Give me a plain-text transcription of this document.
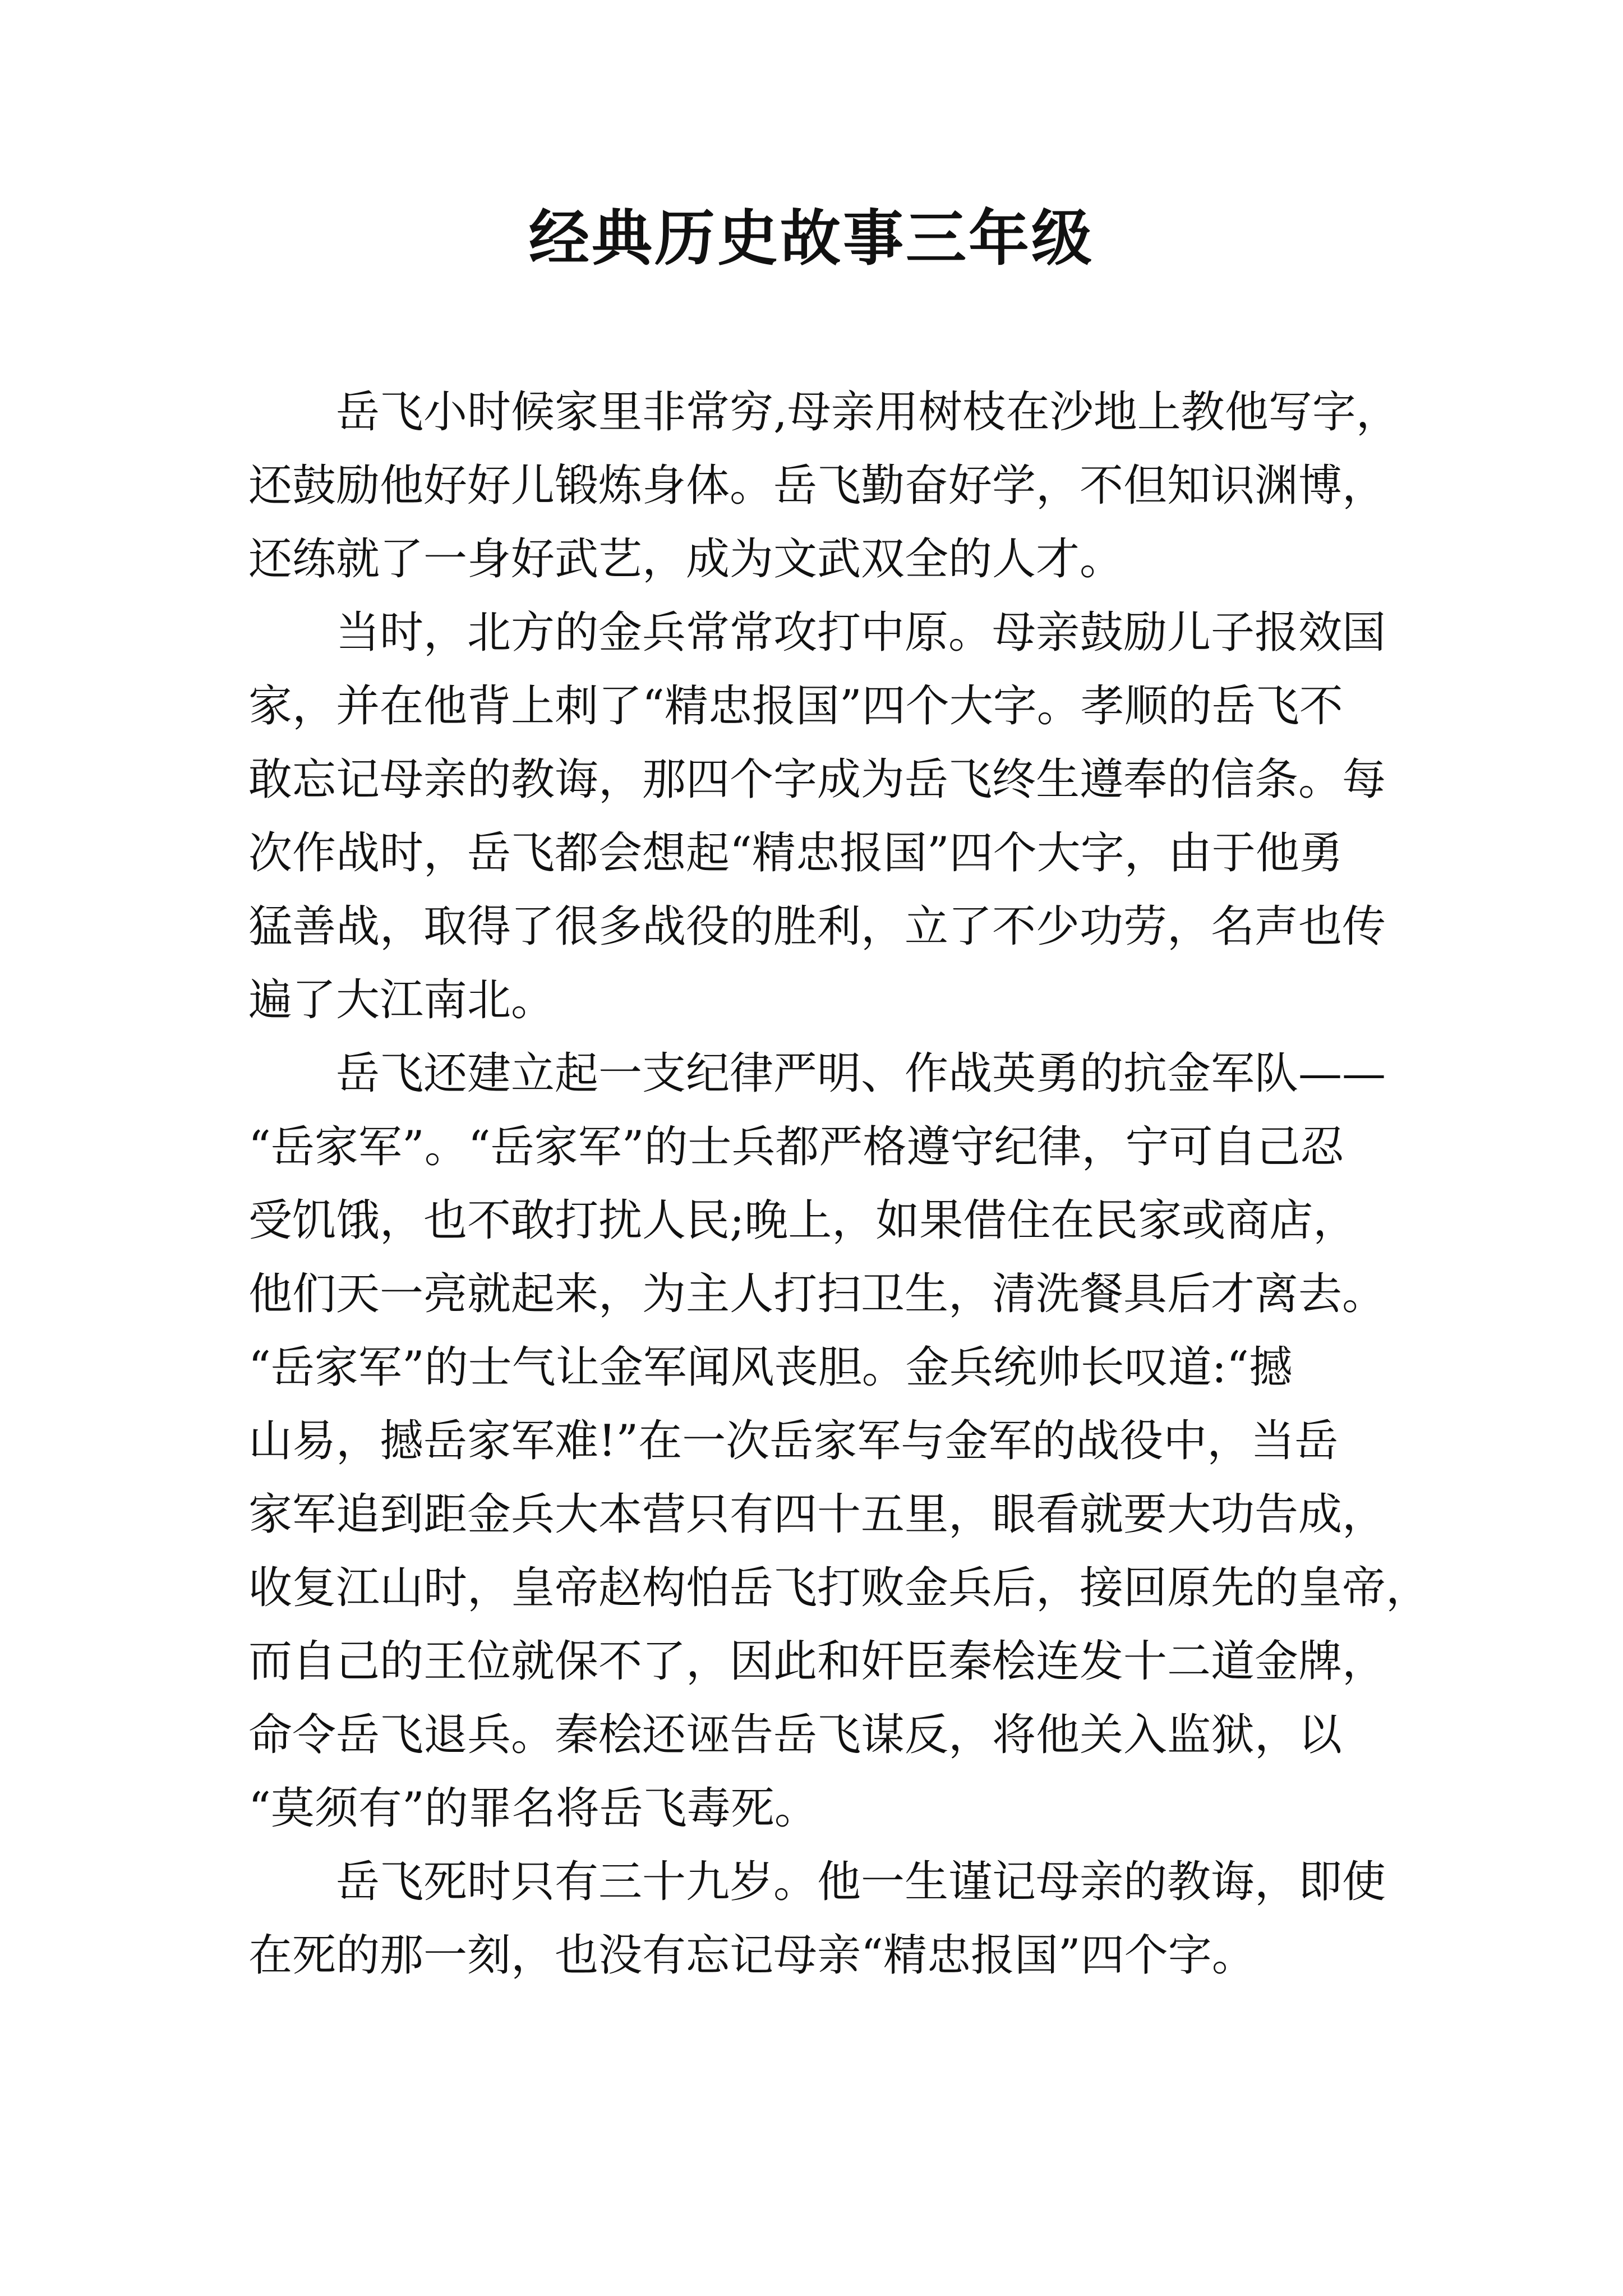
经典历史故事三年级

岳飞小时候家里非常穷,母亲用树枝在沙地上教他写字，
还鼓励他好好儿锻炼身体。岳飞勤奋好学，不但知识渊博，
还练就了一身好武艺，成为文武双全的人才。

当时，北方的金兵常常攻打中原。母亲鼓励儿子报效国
家，并在他背上刺了“精忠报国”四个大字。孝顺的岳飞不
敢忘记母亲的教诲，那四个字成为岳飞终生遵奉的信条。每
次作战时，岳飞都会想起“精忠报国”四个大字，由于他勇
猛善战，取得了很多战役的胜利，立了不少功劳，名声也传
遍了大江南北。

岳飞还建立起一支纪律严明、作战英勇的抗金军队——
“岳家军”。“岳家军”的士兵都严格遵守纪律，宁可自己忍
受饥饿，也不敢打扰人民;晚上，如果借住在民家或商店，
他们天一亮就起来，为主人打扫卫生，清洗餐具后才离去。
“岳家军”的士气让金军闻风丧胆。金兵统帅长叹道:“撼
山易，撼岳家军难!”在一次岳家军与金军的战役中，当岳
家军追到距金兵大本营只有四十五里，眼看就要大功告成，
收复江山时，皇帝赵构怕岳飞打败金兵后，接回原先的皇帝，
而自己的王位就保不了，因此和奸臣秦桧连发十二道金牌，
命令岳飞退兵。秦桧还诬告岳飞谋反，将他关入监狱，以
“莫须有”的罪名将岳飞毒死。

岳飞死时只有三十九岁。他一生谨记母亲的教诲，即使
在死的那一刻，也没有忘记母亲“精忠报国”四个字。
